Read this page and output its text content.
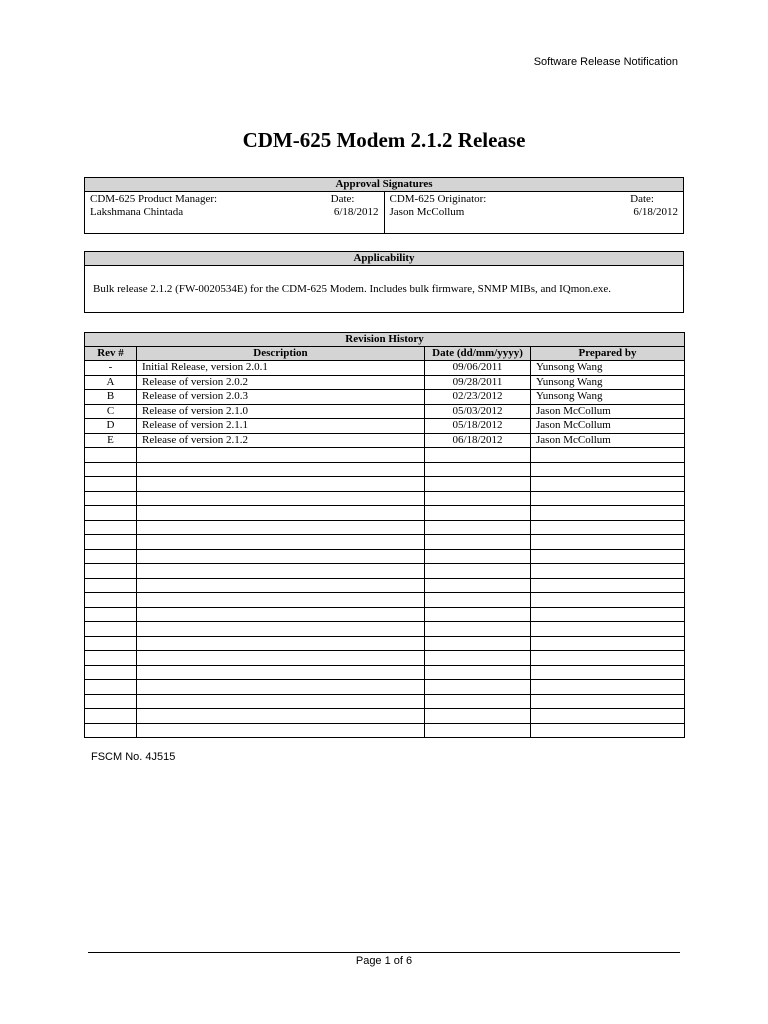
Software Release Notification
CDM-625 Modem 2.1.2 Release
Approval Signatures

CDM-625 Product Manager:	Date:
Lakshmana Chintada	6/18/2012

CDM-625 Originator:	Date:
Jason McCollum	6/18/2012
Applicability
Bulk release 2.1.2 (FW-0020534E) for the CDM-625 Modem. Includes bulk firmware, SNMP MIBs, and IQmon.exe.
Revision History			
Rev #	Description	Date (dd/mm/yyyy)	Prepared by
-	Initial Release, version 2.0.1	09/06/2011	Yunsong Wang
A	Release of version 2.0.2	09/28/2011	Yunsong Wang
B	Release of version 2.0.3	02/23/2012	Yunsong Wang
C	Release of version 2.1.0	05/03/2012	Jason McCollum
D	Release of version 2.1.1	05/18/2012	Jason McCollum
E	Release of version 2.1.2	06/18/2012	Jason McCollum

FSCM No. 4J515
Page 1 of 6
